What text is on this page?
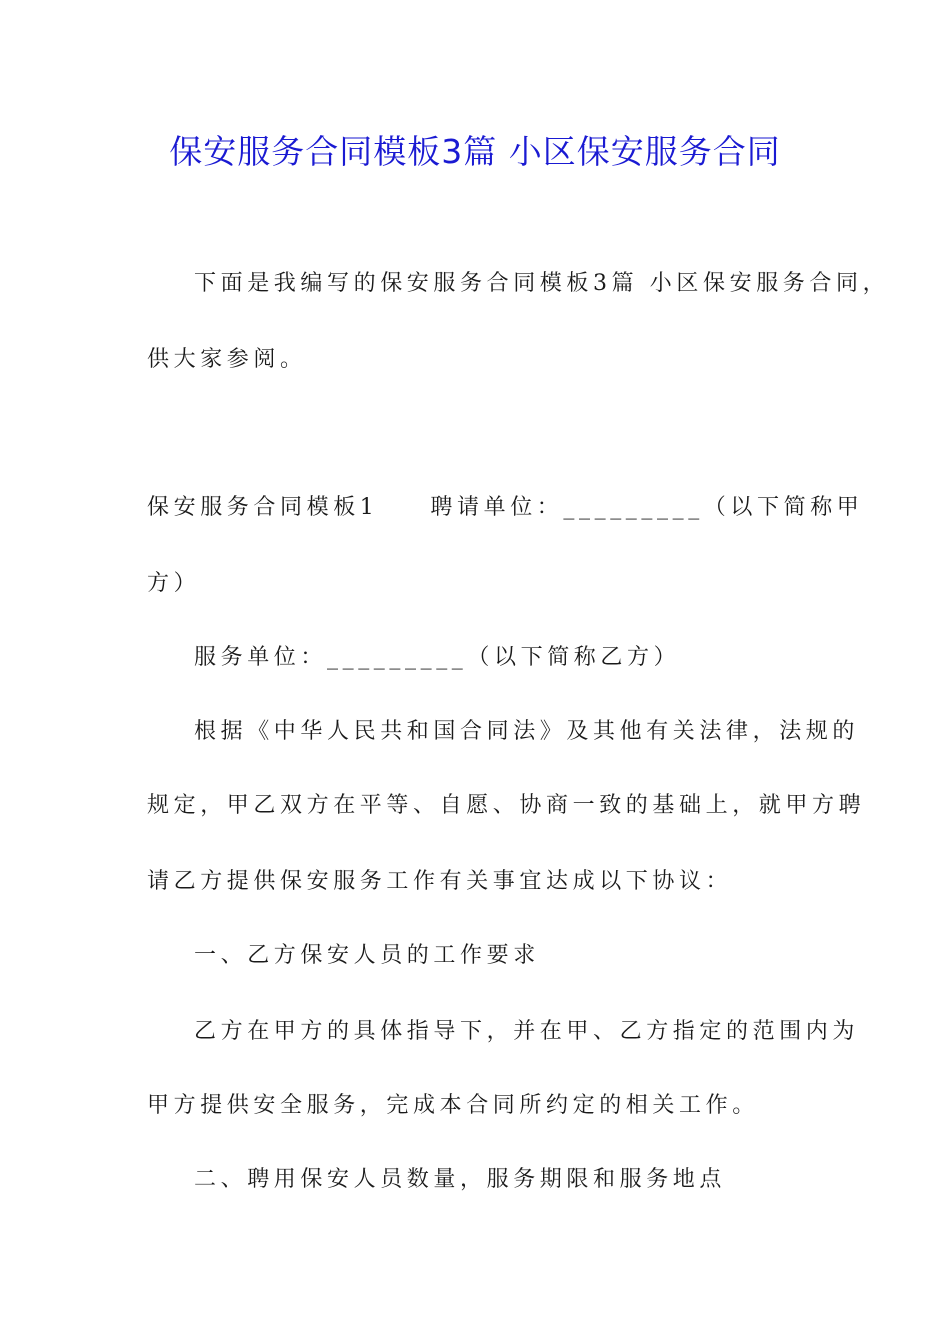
保安服务合同模板3篇 小区保安服务合同
下面是我编写的保安服务合同模板3篇 小区保安服务合同，
供大家参阅。
保安服务合同模板1 聘请单位：_________（以下简称甲
方）
服务单位：_________（以下简称乙方）
根据《中华人民共和国合同法》及其他有关法律，法规的
规定，甲乙双方在平等、自愿、协商一致的基础上，就甲方聘
请乙方提供保安服务工作有关事宜达成以下协议：
一、乙方保安人员的工作要求
乙方在甲方的具体指导下，并在甲、乙方指定的范围内为
甲方提供安全服务，完成本合同所约定的相关工作。
二、聘用保安人员数量，服务期限和服务地点
